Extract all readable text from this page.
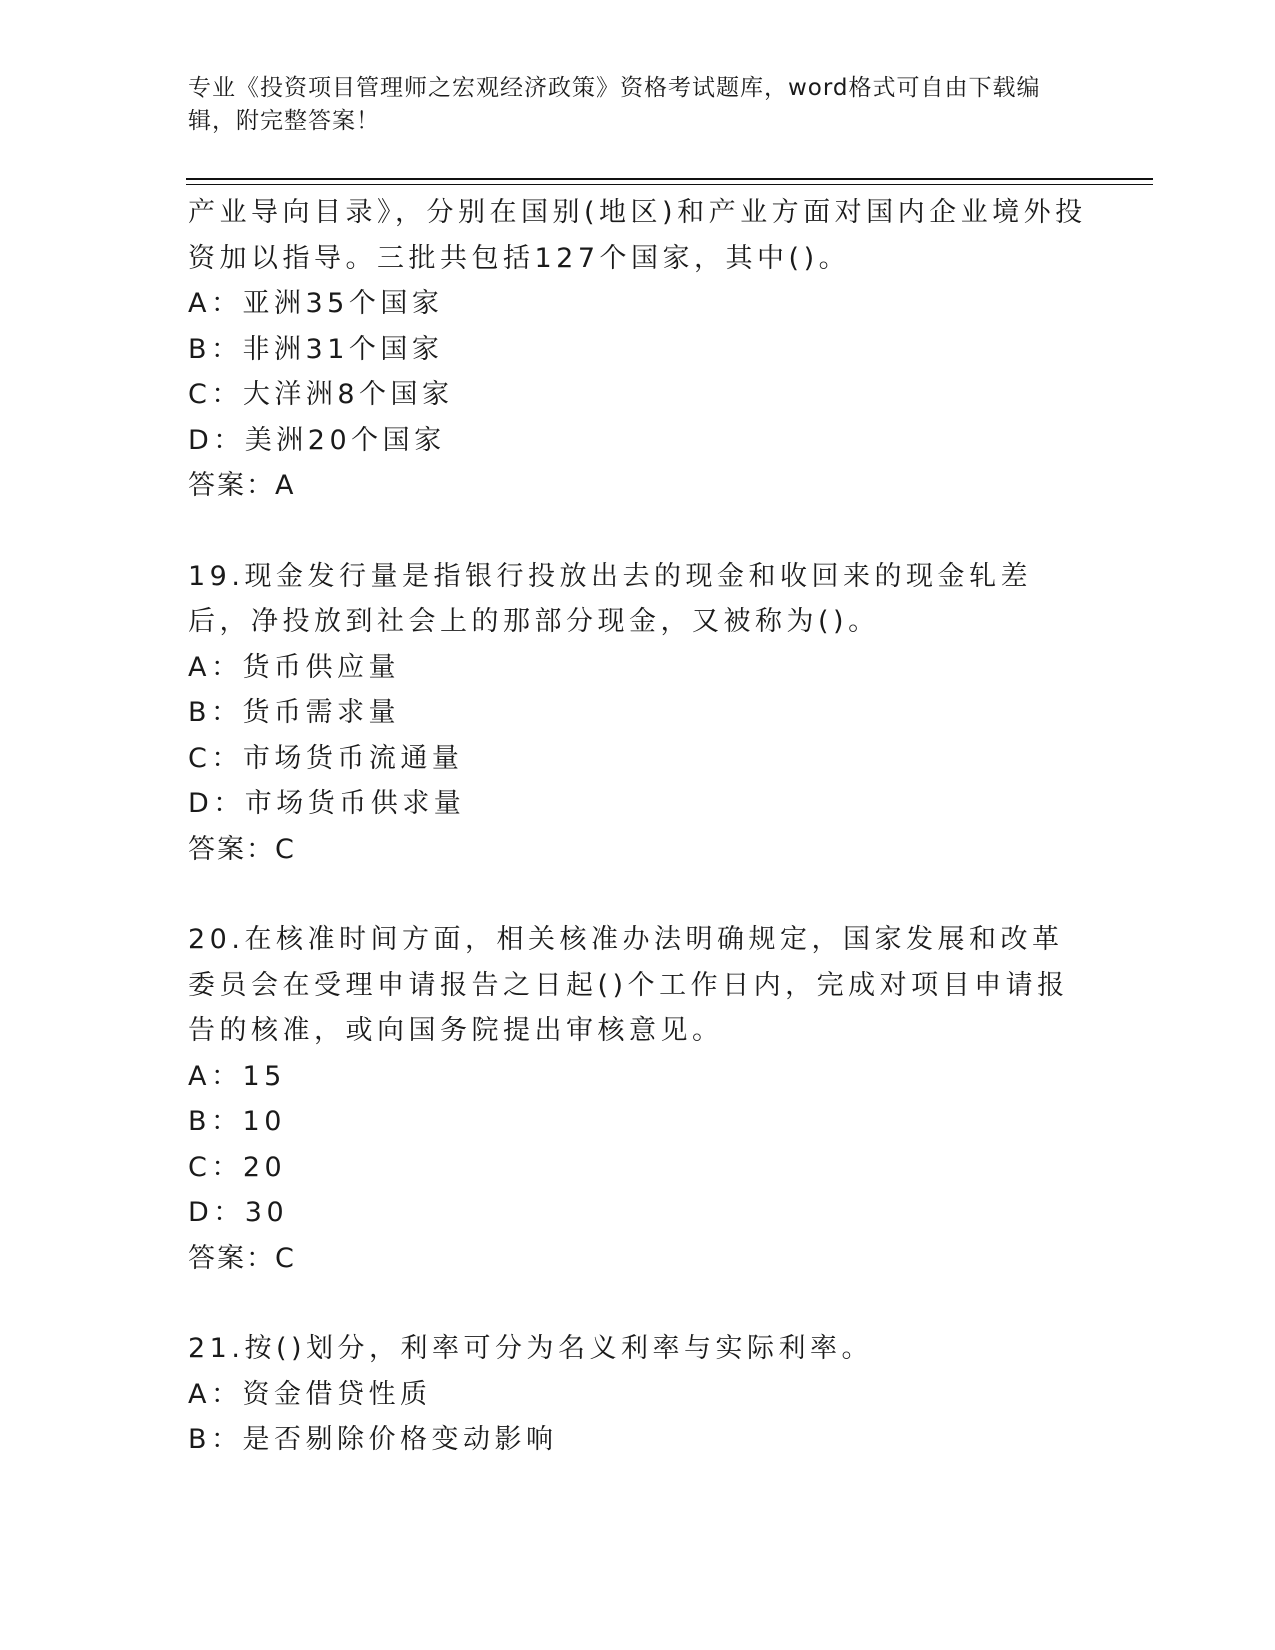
专业《投资项目管理师之宏观经济政策》资格考试题库，word格式可自由下载编辑，附完整答案！

产业导向目录》，分别在国别(地区)和产业方面对国内企业境外投资加以指导。三批共包括127个国家，其中()。

A：亚洲35个国家

B：非洲31个国家

C：大洋洲8个国家

D：美洲20个国家

答案：A

19.现金发行量是指银行投放出去的现金和收回来的现金轧差后，净投放到社会上的那部分现金，又被称为()。

A：货币供应量

B：货币需求量

C：市场货币流通量

D：市场货币供求量

答案：C

20.在核准时间方面，相关核准办法明确规定，国家发展和改革委员会在受理申请报告之日起()个工作日内，完成对项目申请报告的核准，或向国务院提出审核意见。

A：15

B：10

C：20

D：30

答案：C

21.按()划分，利率可分为名义利率与实际利率。

A：资金借贷性质

B：是否剔除价格变动影响
